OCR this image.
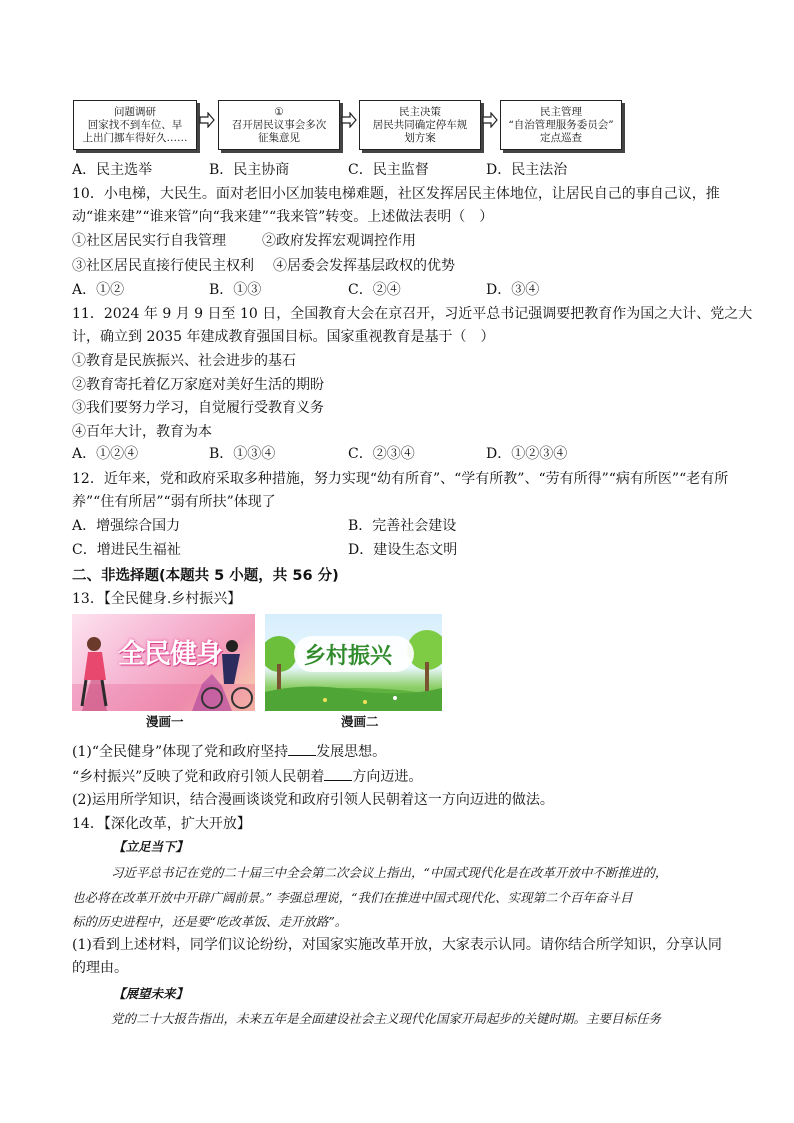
问题调研
回家找不到车位、早
上出门挪车得好久……
①
召开居民议事会多次
征集意见
民主决策
居民共同确定停车规
划方案
民主管理
“自治管理服务委员会”
定点巡查
A．民主选举	B．民主协商	C．民主监督	D．民主法治
10．小电梯，大民生。面对老旧小区加装电梯难题，社区发挥居民主体地位，让居民自己的事自己议，推
动“谁来建”“谁来管”向“我来建”“我来管”转变。上述做法表明（　）
①社区居民实行自我管理	②政府发挥宏观调控作用
③社区居民直接行使民主权利 ④居委会发挥基层政权的优势
A．①②	B．①③	C．②④	D．③④
11．2024 年 9 月 9 日至 10 日，全国教育大会在京召开，习近平总书记强调要把教育作为国之大计、党之大
计，确立到 2035 年建成教育强国目标。国家重视教育是基于（　）
①教育是民族振兴、社会进步的基石
②教育寄托着亿万家庭对美好生活的期盼
③我们要努力学习，自觉履行受教育义务
④百年大计，教育为本
A．①②④	B．①③④	C．②③④	D．①②③④
12．近年来，党和政府采取多种措施，努力实现“幼有所育”、“学有所教”、“劳有所得”“病有所医”“老有所
养”“住有所居”“弱有所扶”体现了
A．增强综合国力	B．完善社会建设
C．增进民生福祉	D．建设生态文明
二、非选择题(本题共 5 小题，共 56 分)
13．【全民健身.乡村振兴】
全民健身	乡村振兴
漫画一	漫画二
(1)“全民健身”体现了党和政府坚持 发展思想。
“乡村振兴”反映了党和政府引领人民朝着 方向迈进。
(2)运用所学知识，结合漫画谈谈党和政府引领人民朝着这一方向迈进的做法。
14．【深化改革，扩大开放】
【立足当下】
习近平总书记在党的二十届三中全会第二次会议上指出，“中国式现代化是在改革开放中不断推进的，
也必将在改革开放中开辟广阔前景。” 李强总理说，“我们在推进中国式现代化、实现第二个百年奋斗目
标的历史进程中，还是要“吃改革饭、走开放路”。
(1)看到上述材料，同学们议论纷纷，对国家实施改革开放，大家表示认同。请你结合所学知识，分享认同
的理由。
【展望未来】
党的二十大报告指出，未来五年是全面建设社会主义现代化国家开局起步的关键时期。主要目标任务
